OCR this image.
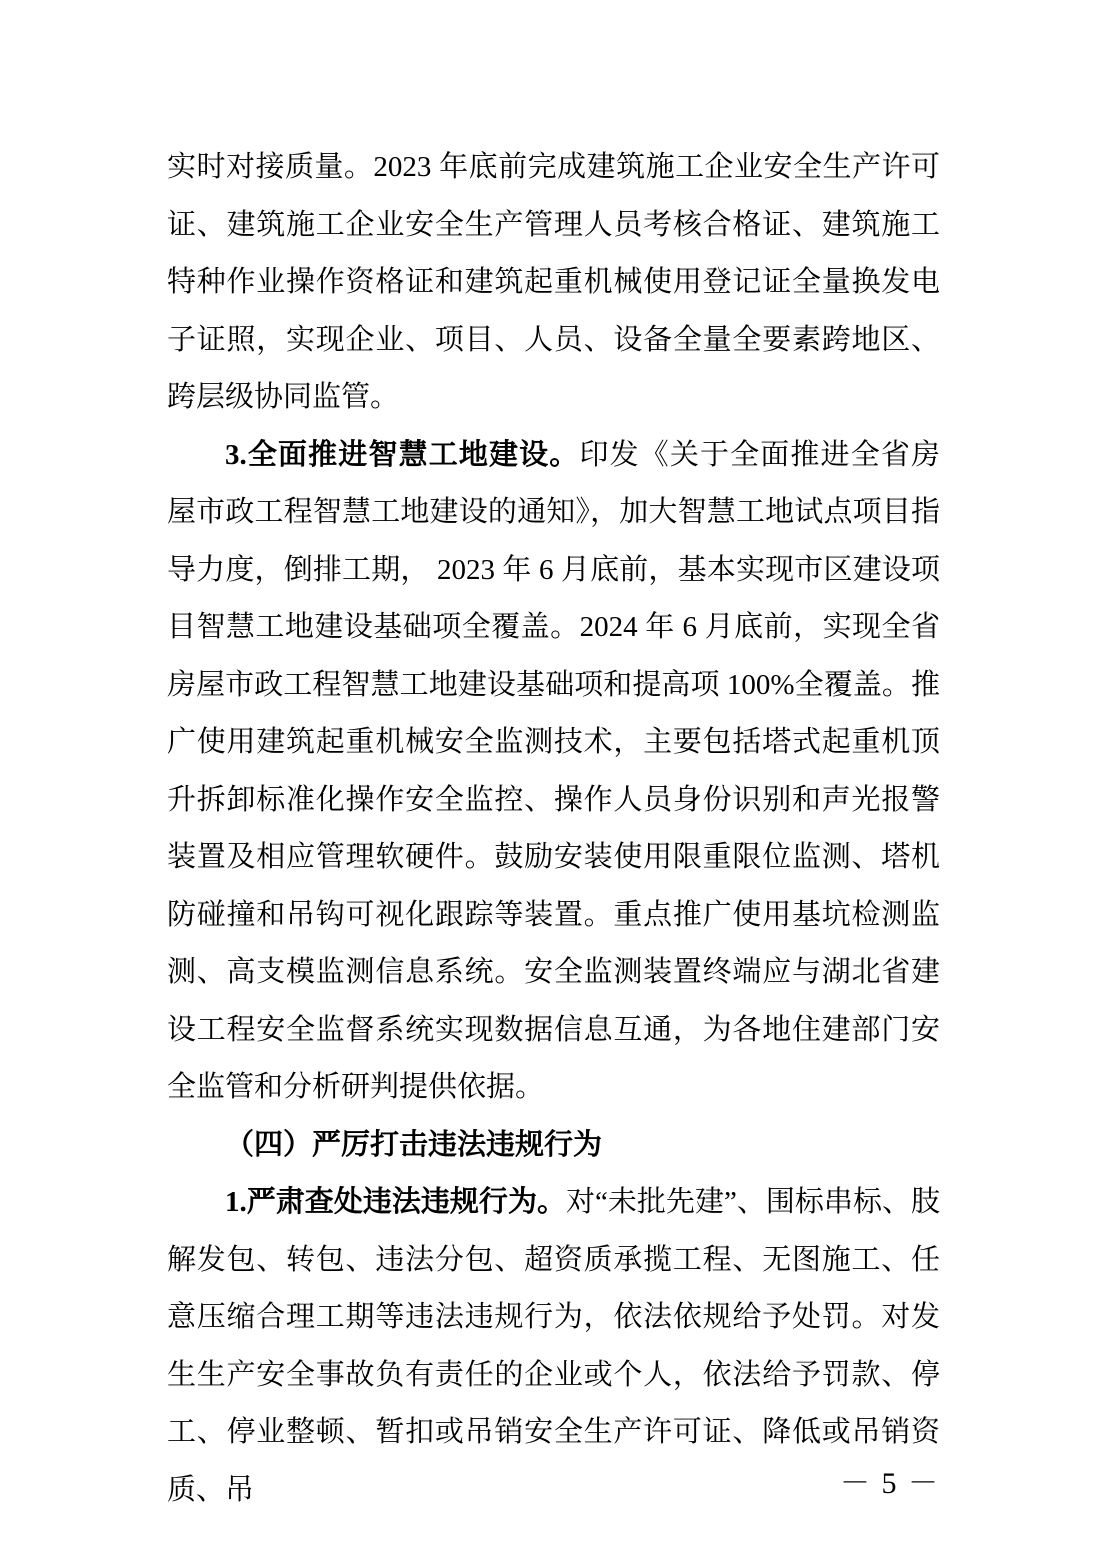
实时对接质量。2023 年底前完成建筑施工企业安全生产许可证、建筑施工企业安全生产管理人员考核合格证、建筑施工特种作业操作资格证和建筑起重机械使用登记证全量换发电子证照，实现企业、项目、人员、设备全量全要素跨地区、跨层级协同监管。

3.全面推进智慧工地建设。印发《关于全面推进全省房屋市政工程智慧工地建设的通知》，加大智慧工地试点项目指导力度，倒排工期， 2023 年 6 月底前，基本实现市区建设项目智慧工地建设基础项全覆盖。2024 年 6 月底前，实现全省房屋市政工程智慧工地建设基础项和提高项 100%全覆盖。推广使用建筑起重机械安全监测技术，主要包括塔式起重机顶升拆卸标准化操作安全监控、操作人员身份识别和声光报警装置及相应管理软硬件。鼓励安装使用限重限位监测、塔机防碰撞和吊钩可视化跟踪等装置。重点推广使用基坑检测监测、高支模监测信息系统。安全监测装置终端应与湖北省建设工程安全监督系统实现数据信息互通，为各地住建部门安全监管和分析研判提供依据。

（四）严厉打击违法违规行为

1.严肃查处违法违规行为。对“未批先建”、围标串标、肢解发包、转包、违法分包、超资质承揽工程、无图施工、任意压缩合理工期等违法违规行为，依法依规给予处罚。对发生生产安全事故负有责任的企业或个人，依法给予罚款、停工、停业整顿、暂扣或吊销安全生产许可证、降低或吊销资质、吊	－ 5 －
